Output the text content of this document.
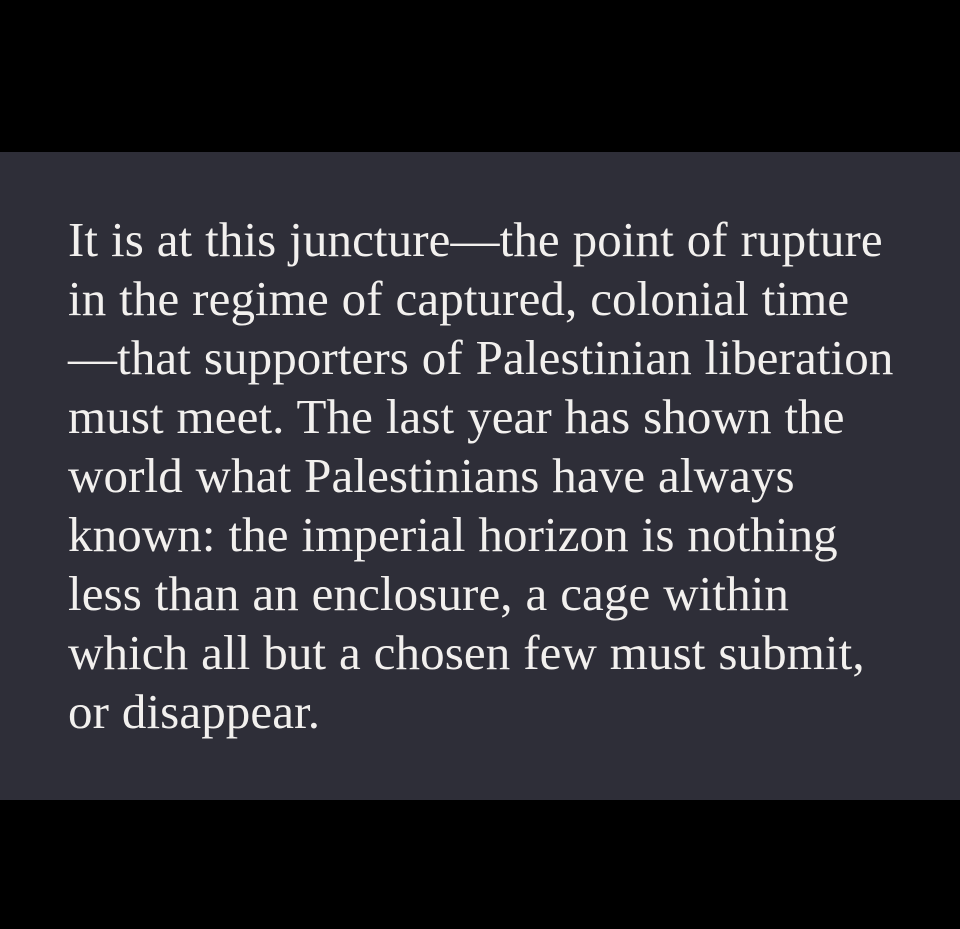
It is at this juncture—the point of rupture in the regime of captured, colonial time—that supporters of Palestinian liberation must meet. The last year has shown the world what Palestinians have always known: the imperial horizon is nothing less than an enclosure, a cage within which all but a chosen few must submit, or disappear.
